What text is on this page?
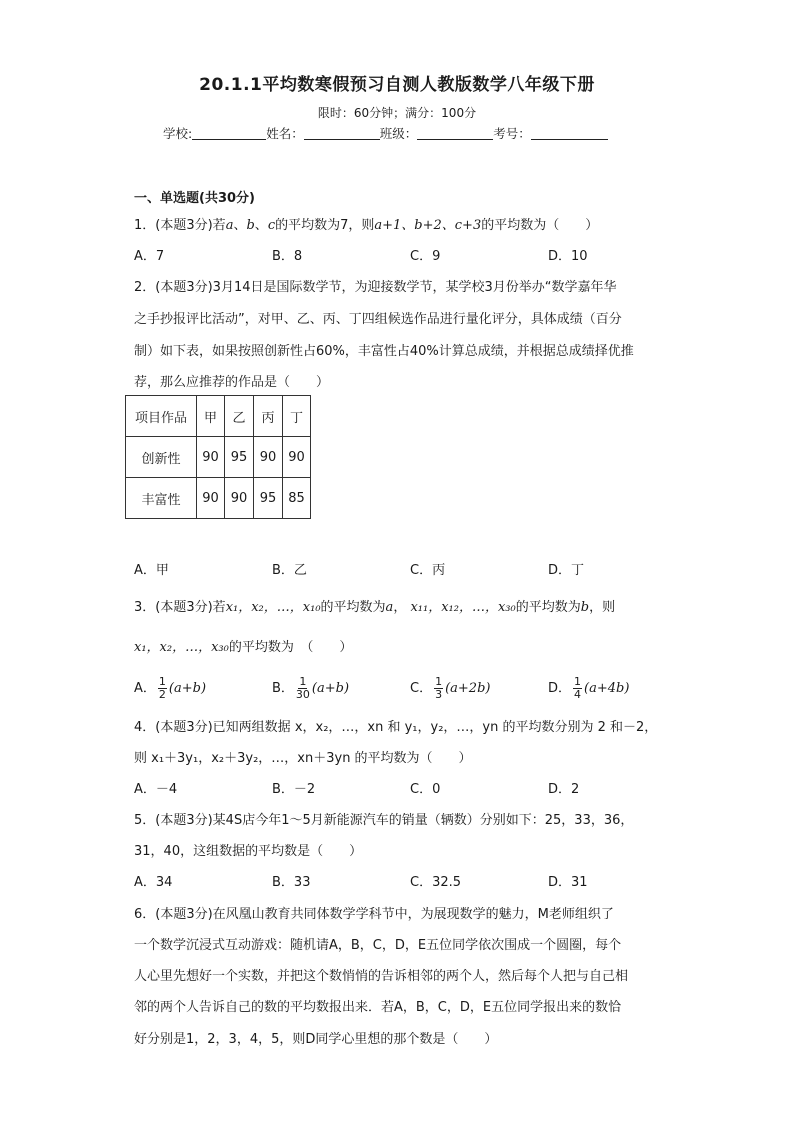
20.1.1平均数寒假预习自测人教版数学八年级下册
限时：60分钟；满分：100分
学校:	姓名：	班级：	考号：
一、单选题(共30分)
1．(本题3分)若a、b、c的平均数为7，则a+1、b+2、c+3的平均数为（　　）
A．7	B．8	C．9	D．10
2．(本题3分)3月14日是国际数学节，为迎接数学节，某学校3月份举办“数学嘉年华
之手抄报评比活动”，对甲、乙、丙、丁四组候选作品进行量化评分，具体成绩（百分
制）如下表，如果按照创新性占60%，丰富性占40%计算总成绩，并根据总成绩择优推
荐，那么应推荐的作品是（　　）
项目作品	甲	乙	丙	丁
创新性	90	95	90	90
丰富性	90	90	95	85
A．甲	B．乙	C．丙	D．丁
3．(本题3分)若x₁，x₂，…，x₁₀的平均数为a， x₁₁，x₁₂，…，x₃₀的平均数为b，则
x₁，x₂，…，x₃₀的平均数为　（　　）
A． $\frac{1}{2} (a+b)$	B． $\frac{1}{30} (a+b)$	C． $\frac{1}{3} (a+2b)$	D． $\frac{1}{4} (a+4b)$
4．(本题3分)已知两组数据 x，x₂，…，xn 和 y₁，y₂，…，yn 的平均数分别为 2 和－2，
则 x₁＋3y₁，x₂＋3y₂，…，xn＋3yn 的平均数为（　　）
A．－4	B．－2	C．0	D．2
5．(本题3分)某4S店今年1～5月新能源汽车的销量（辆数）分别如下：25，33，36，
31，40，这组数据的平均数是（　　）
A．34	B．33	C．32.5	D．31
6．(本题3分)在风凰山教育共同体数学学科节中，为展现数学的魅力，M老师组织了
一个数学沉浸式互动游戏：随机请A，B，C，D，E五位同学依次围成一个圆圈，每个
人心里先想好一个实数，并把这个数悄悄的告诉相邻的两个人，然后每个人把与自己相
邻的两个人告诉自己的数的平均数报出来．若A，B，C，D，E五位同学报出来的数恰
好分别是1，2，3，4，5，则D同学心里想的那个数是（　　）
